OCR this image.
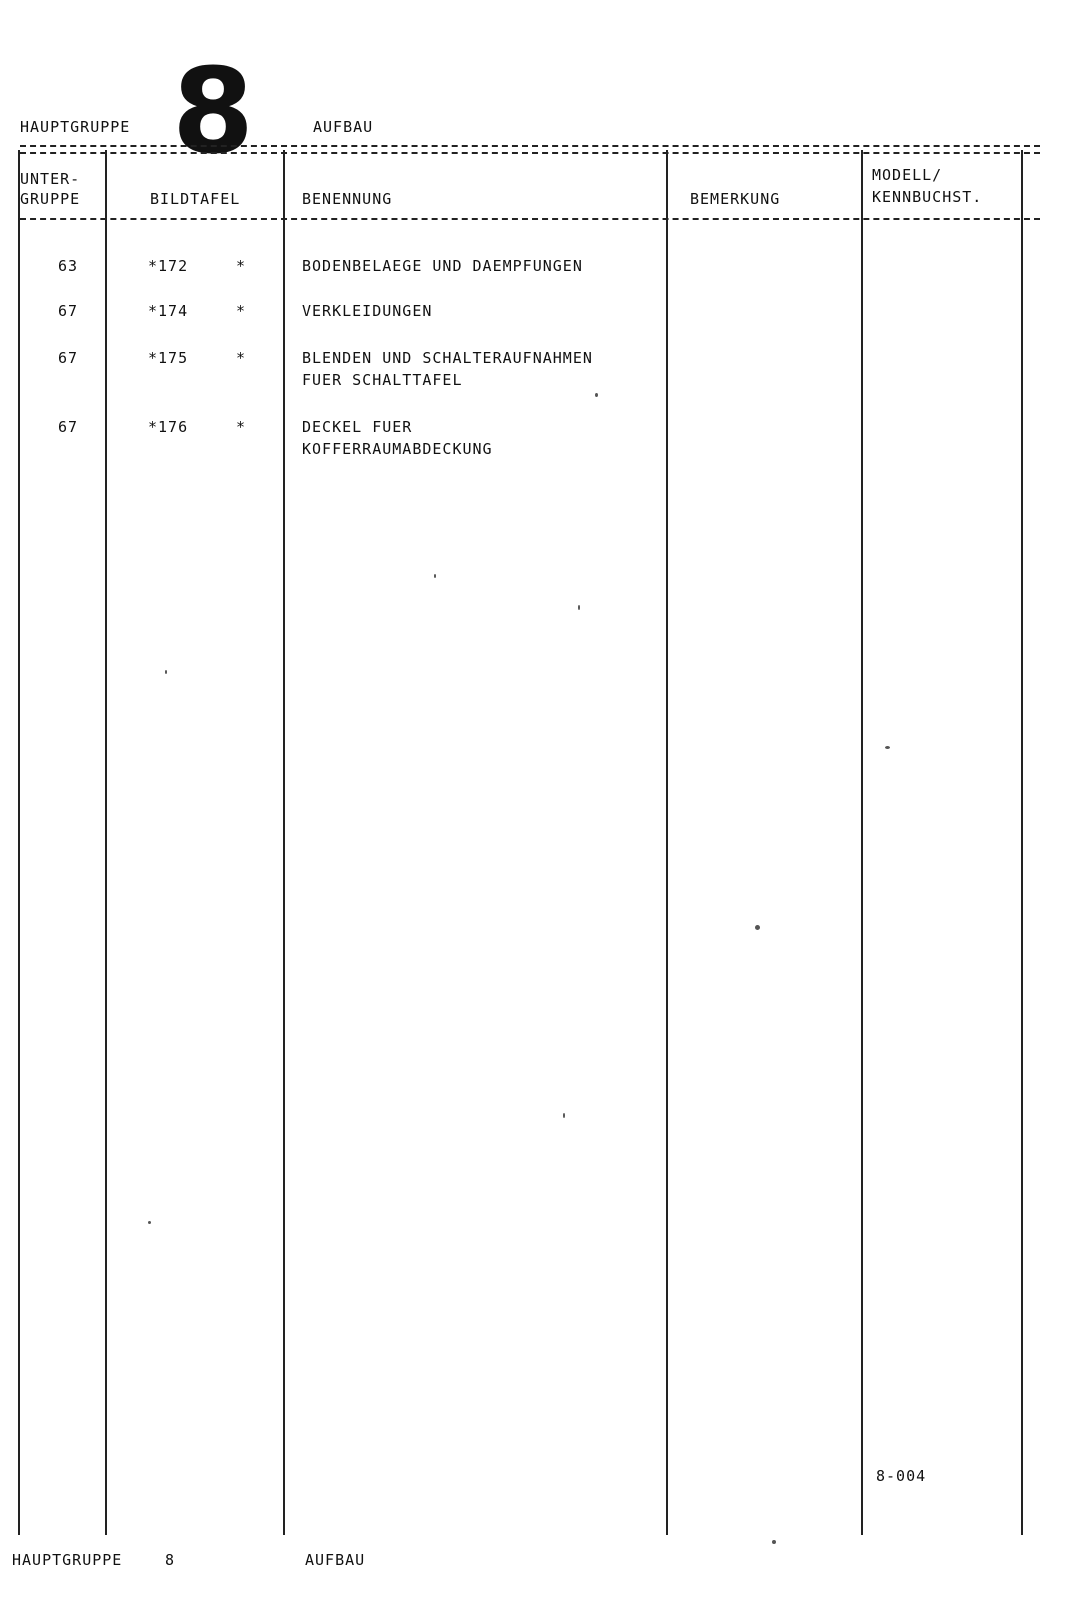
HAUPTGRUPPE 8	AUFBAU
UNTER-
GRUPPE	BILDTAFEL	BENENNUNG	BEMERKUNG
MODELL/
KENNBUCHST.
63	*172	*	BODENBELAEGE UND DAEMPFUNGEN
67	*174	*	VERKLEIDUNGEN
67	*175	*	BLENDEN UND SCHALTERAUFNAHMEN
FUER SCHALTTAFEL
67	*176	*	DECKEL FUER
KOFFERRAUMABDECKUNG
8-004
HAUPTGRUPPE	8	AUFBAU
